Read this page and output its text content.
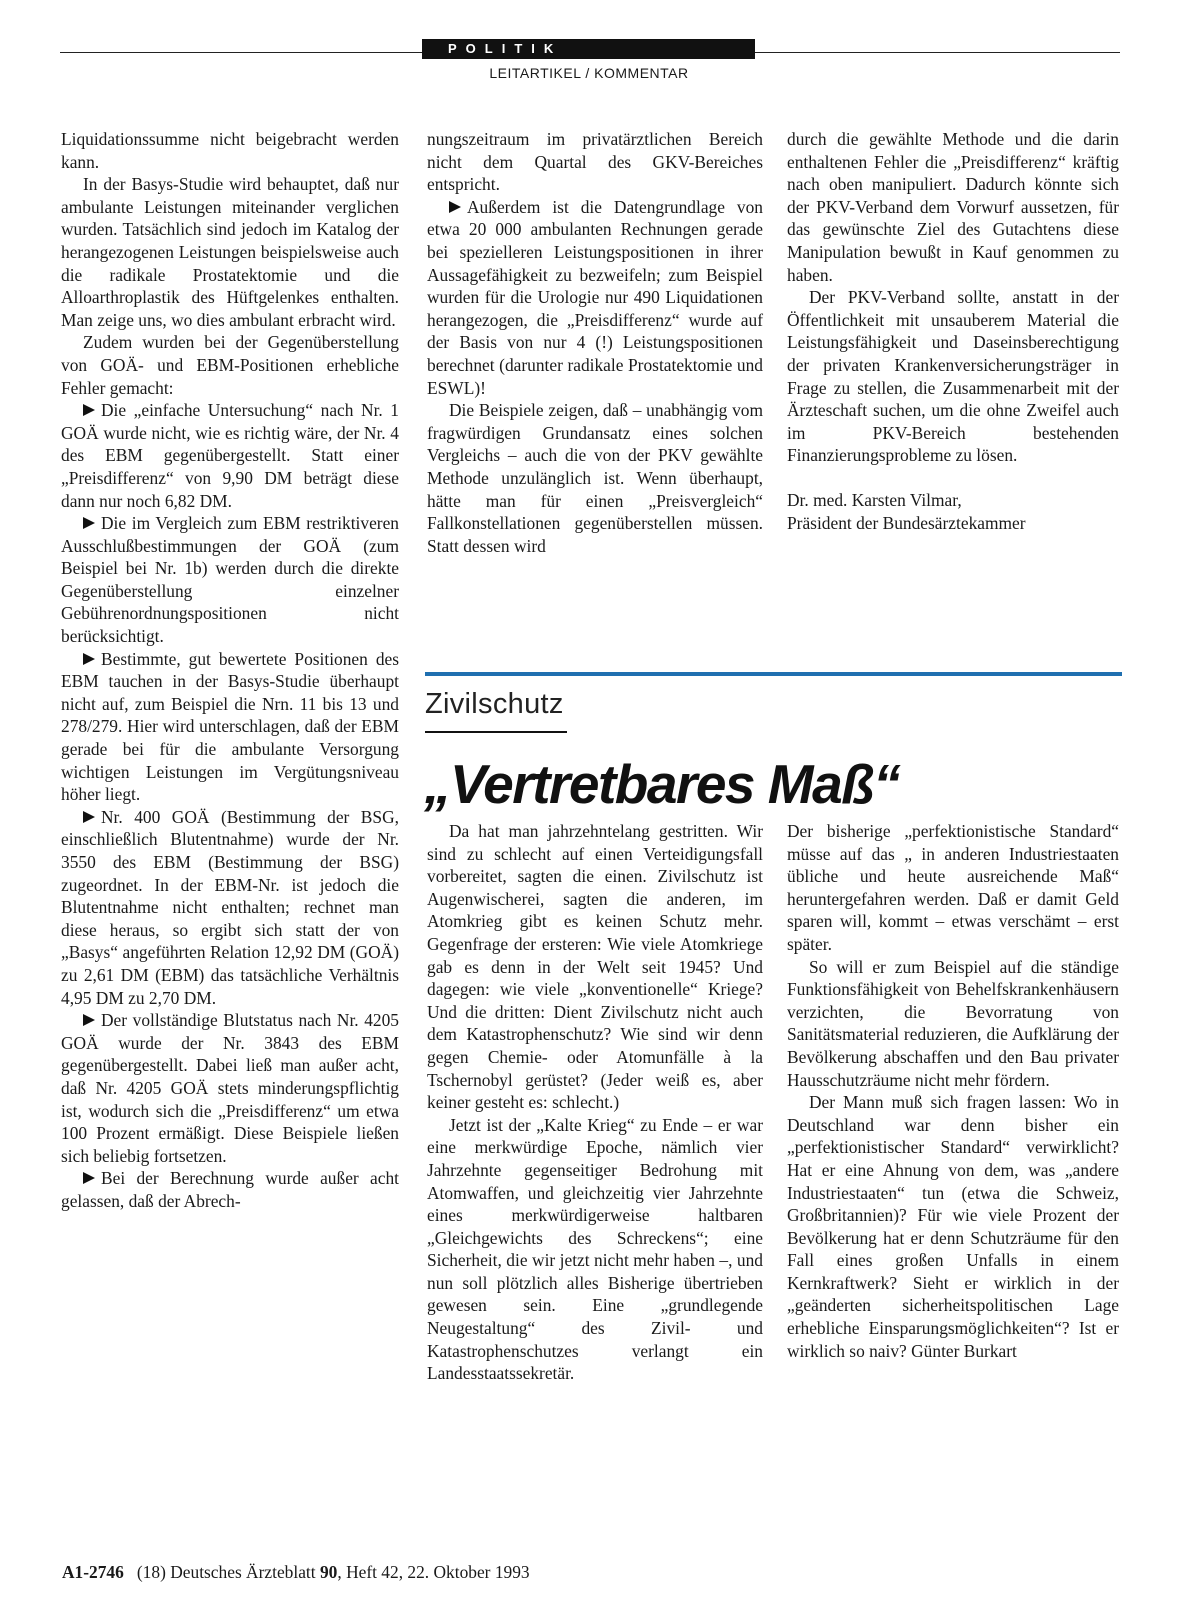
POLITIK
LEITARTIKEL / KOMMENTAR

Liquidationssumme nicht beigebracht werden kann.

In der Basys-Studie wird behauptet, daß nur ambulante Leistungen miteinander verglichen wurden. Tatsächlich sind jedoch im Katalog der herangezogenen Leistungen beispielsweise auch die radikale Prostatektomie und die Alloarthroplastik des Hüftgelenkes enthalten. Man zeige uns, wo dies ambulant erbracht wird.

Zudem wurden bei der Gegenüberstellung von GOÄ- und EBM-Positionen erhebliche Fehler gemacht:

Die „einfache Untersuchung“ nach Nr. 1 GOÄ wurde nicht, wie es richtig wäre, der Nr. 4 des EBM gegenübergestellt. Statt einer „Preisdifferenz“ von 9,90 DM beträgt diese dann nur noch 6,82 DM.

Die im Vergleich zum EBM restriktiveren Ausschlußbestimmungen der GOÄ (zum Beispiel bei Nr. 1b) werden durch die direkte Gegenüberstellung einzelner Gebührenordnungspositionen nicht berücksichtigt.

Bestimmte, gut bewertete Positionen des EBM tauchen in der Basys-Studie überhaupt nicht auf, zum Beispiel die Nrn. 11 bis 13 und 278/279. Hier wird unterschlagen, daß der EBM gerade bei für die ambulante Versorgung wichtigen Leistungen im Vergütungsniveau höher liegt.

Nr. 400 GOÄ (Bestimmung der BSG, einschließlich Blutentnahme) wurde der Nr. 3550 des EBM (Bestimmung der BSG) zugeordnet. In der EBM-Nr. ist jedoch die Blutentnahme nicht enthalten; rechnet man diese heraus, so ergibt sich statt der von „Basys“ angeführten Relation 12,92 DM (GOÄ) zu 2,61 DM (EBM) das tatsächliche Verhältnis 4,95 DM zu 2,70 DM.

Der vollständige Blutstatus nach Nr. 4205 GOÄ wurde der Nr. 3843 des EBM gegenübergestellt. Dabei ließ man außer acht, daß Nr. 4205 GOÄ stets minderungspflichtig ist, wodurch sich die „Preisdifferenz“ um etwa 100 Prozent ermäßigt. Diese Beispiele ließen sich beliebig fortsetzen.

Bei der Berechnung wurde außer acht gelassen, daß der Abrech-

nungszeitraum im privatärztlichen Bereich nicht dem Quartal des GKV-Bereiches entspricht.

Außerdem ist die Datengrundlage von etwa 20 000 ambulanten Rechnungen gerade bei spezielleren Leistungspositionen in ihrer Aussagefähigkeit zu bezweifeln; zum Beispiel wurden für die Urologie nur 490 Liquidationen herangezogen, die „Preisdifferenz“ wurde auf der Basis von nur 4 (!) Leistungspositionen berechnet (darunter radikale Prostatektomie und ESWL)!

Die Beispiele zeigen, daß – unabhängig vom fragwürdigen Grundansatz eines solchen Vergleichs – auch die von der PKV gewählte Methode unzulänglich ist. Wenn überhaupt, hätte man für einen „Preisvergleich“ Fallkonstellationen gegenüberstellen müssen. Statt dessen wird

durch die gewählte Methode und die darin enthaltenen Fehler die „Preisdifferenz“ kräftig nach oben manipuliert. Dadurch könnte sich der PKV-Verband dem Vorwurf aussetzen, für das gewünschte Ziel des Gutachtens diese Manipulation bewußt in Kauf genommen zu haben.

Der PKV-Verband sollte, anstatt in der Öffentlichkeit mit unsauberem Material die Leistungsfähigkeit und Daseinsberechtigung der privaten Krankenversicherungsträger in Frage zu stellen, die Zusammenarbeit mit der Ärzteschaft suchen, um die ohne Zweifel auch im PKV-Bereich bestehenden Finanzierungsprobleme zu lösen.

Dr. med. Karsten Vilmar,

Präsident der Bundesärztekammer

Zivilschutz
„Vertretbares Maß“

Da hat man jahrzehntelang gestritten. Wir sind zu schlecht auf einen Verteidigungsfall vorbereitet, sagten die einen. Zivilschutz ist Augenwischerei, sagten die anderen, im Atomkrieg gibt es keinen Schutz mehr. Gegenfrage der ersteren: Wie viele Atomkriege gab es denn in der Welt seit 1945? Und dagegen: wie viele „konventionelle“ Kriege? Und die dritten: Dient Zivilschutz nicht auch dem Katastrophenschutz? Wie sind wir denn gegen Chemie- oder Atomunfälle à la Tschernobyl gerüstet? (Jeder weiß es, aber keiner gesteht es: schlecht.)

Jetzt ist der „Kalte Krieg“ zu Ende – er war eine merkwürdige Epoche, nämlich vier Jahrzehnte gegenseitiger Bedrohung mit Atomwaffen, und gleichzeitig vier Jahrzehnte eines merkwürdigerweise haltbaren „Gleichgewichts des Schreckens“; eine Sicherheit, die wir jetzt nicht mehr haben –, und nun soll plötzlich alles Bisherige übertrieben gewesen sein. Eine „grundlegende Neugestaltung“ des Zivil- und Katastrophenschutzes verlangt ein Landesstaatssekretär.

Der bisherige „perfektionistische Standard“ müsse auf das „ in anderen Industriestaaten übliche und heute ausreichende Maß“ heruntergefahren werden. Daß er damit Geld sparen will, kommt – etwas verschämt – erst später.

So will er zum Beispiel auf die ständige Funktionsfähigkeit von Behelfskrankenhäusern verzichten, die Bevorratung von Sanitätsmaterial reduzieren, die Aufklärung der Bevölkerung abschaffen und den Bau privater Hausschutzräume nicht mehr fördern.

Der Mann muß sich fragen lassen: Wo in Deutschland war denn bisher ein „perfektionistischer Standard“ verwirklicht? Hat er eine Ahnung von dem, was „andere Industriestaaten“ tun (etwa die Schweiz, Großbritannien)? Für wie viele Prozent der Bevölkerung hat er denn Schutzräume für den Fall eines großen Unfalls in einem Kernkraftwerk? Sieht er wirklich in der „geänderten sicherheitspolitischen Lage erhebliche Einsparungsmöglichkeiten“? Ist er wirklich so naiv? Günter Burkart

A1-2746 (18) Deutsches Ärzteblatt 90, Heft 42, 22. Oktober 1993
